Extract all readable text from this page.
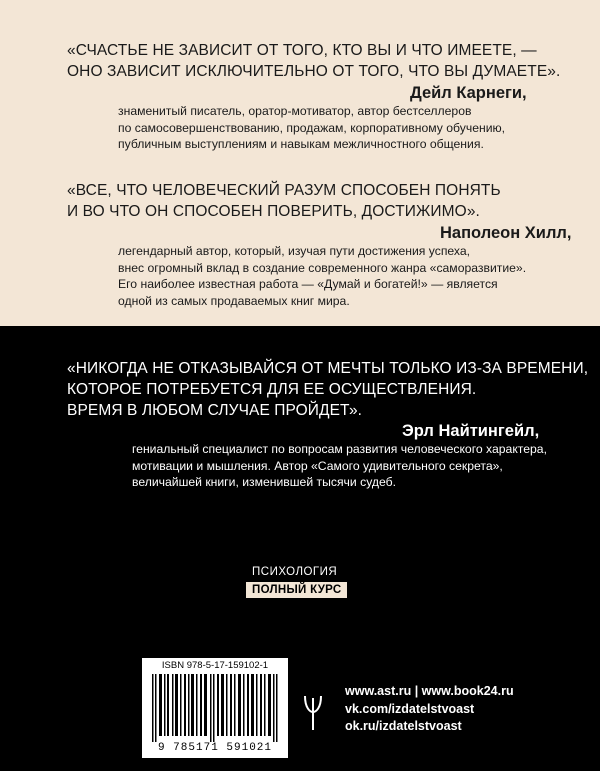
«СЧАСТЬЕ НЕ ЗАВИСИТ ОТ ТОГО, КТО ВЫ И ЧТО ИМЕЕТЕ, —
ОНО ЗАВИСИТ ИСКЛЮЧИТЕЛЬНО ОТ ТОГО, ЧТО ВЫ ДУМАЕТЕ».
Дейл Карнеги,
знаменитый писатель, оратор-мотиватор, автор бестселлеров
по самосовершенствованию, продажам, корпоративному обучению,
публичным выступлениям и навыкам межличностного общения.
«ВСЕ, ЧТО ЧЕЛОВЕЧЕСКИЙ РАЗУМ СПОСОБЕН ПОНЯТЬ
И ВО ЧТО ОН СПОСОБЕН ПОВЕРИТЬ, ДОСТИЖИМО».
Наполеон Хилл,
легендарный автор, который, изучая пути достижения успеха,
внес огромный вклад в создание современного жанра «саморазвитие».
Его наиболее известная работа — «Думай и богатей!» — является
одной из самых продаваемых книг мира.
«НИКОГДА НЕ ОТКАЗЫВАЙСЯ ОТ МЕЧТЫ ТОЛЬКО ИЗ-ЗА ВРЕМЕНИ,
КОТОРОЕ ПОТРЕБУЕТСЯ ДЛЯ ЕЕ ОСУЩЕСТВЛЕНИЯ.
ВРЕМЯ В ЛЮБОМ СЛУЧАЕ ПРОЙДЕТ».
Эрл Найтингейл,
гениальный специалист по вопросам развития человеческого характера,
мотивации и мышления. Автор «Самого удивительного секрета»,
величайшей книги, изменившей тысячи судеб.
ПСИХОЛОГИЯ
ПОЛНЫЙ КУРС
ISBN 978-5-17-159102-1
9 785171 591021
www.ast.ru | www.book24.ru
vk.com/izdatelstvoast
ok.ru/izdatelstvoast
